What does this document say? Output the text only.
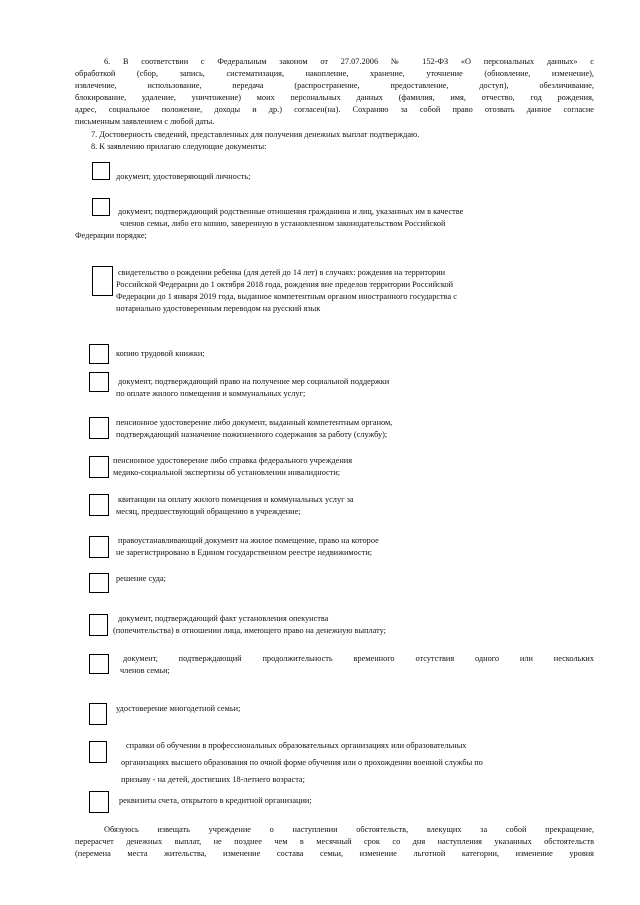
6. В соответствии с Федеральным законом от 27.07.2006 № 152-ФЗ «О персональных данных» с
обработкой (сбор, запись, систематизация, накопление, хранение, уточнение (обновление, изменение),
извлечение, использование, передача (распространение, предоставление, доступ), обезличивание,
блокирование, удаление, уничтожение) моих персональных данных (фамилия, имя, отчество, год рождения,
адрес, социальное положение, доходы и др.) согласен(на). Сохраняю за собой право отозвать данное согласие
письменным заявлением с любой даты.
7. Достоверность сведений, представленных для получения денежных выплат подтверждаю.
8. К заявлению прилагаю следующие документы:
документ, удостоверяющий личность;
документ, подтверждающий родственные отношения гражданина и лиц, указанных им в качестве
членов семьи, либо его копию, заверенную в установленном законодательством Российской
Федерации порядке;
свидетельство о рождении ребенка (для детей до 14 лет) в случаях: рождения на территории
Российской Федерации до 1 октября 2018 года, рождения вне пределов территории Российской
Федерации до 1 января 2019 года, выданное компетентным органом иностранного государства с
нотариально удостоверенным переводом на русский язык
копию трудовой книжки;
документ, подтверждающий право на получение мер социальной поддержки
по оплате жилого помещения и коммунальных услуг;
пенсионное удостоверение либо документ, выданный компетентным органом,
подтверждающий назначение пожизненного содержания за работу (службу);
пенсионное удостоверение либо справка федерального учреждения
медико-социальной экспертизы об установлении инвалидности;
квитанции на оплату жилого помещения и коммунальных услуг за
месяц, предшествующий обращению в учреждение;
правоустанавливающий документ на жилое помещение, право на которое
не зарегистрировано в Едином государственном реестре недвижимости;
решение суда;
документ, подтверждающий факт установления опекунства
(попечительства) в отношении лица, имеющего право на денежную выплату;
документ, подтверждающий продолжительность временного отсутствия одного или нескольких
членов семьи;
удостоверение многодетной семьи;
справки об обучении в профессиональных образовательных организациях или образовательных
организациях высшего образования по очной форме обучения или о прохождении военной службы по
призыву - на детей, достигших 18-летнего возраста;
реквизиты счета, открытого в кредитной организации;
Обязуюсь извещать учреждение о наступлении обстоятельств, влекущих за собой прекращение,
перерасчет денежных выплат, не позднее чем в месячный срок со дня наступления указанных обстоятельств
(перемена места жительства, изменение состава семьи, изменение льготной категории, изменение уровня
